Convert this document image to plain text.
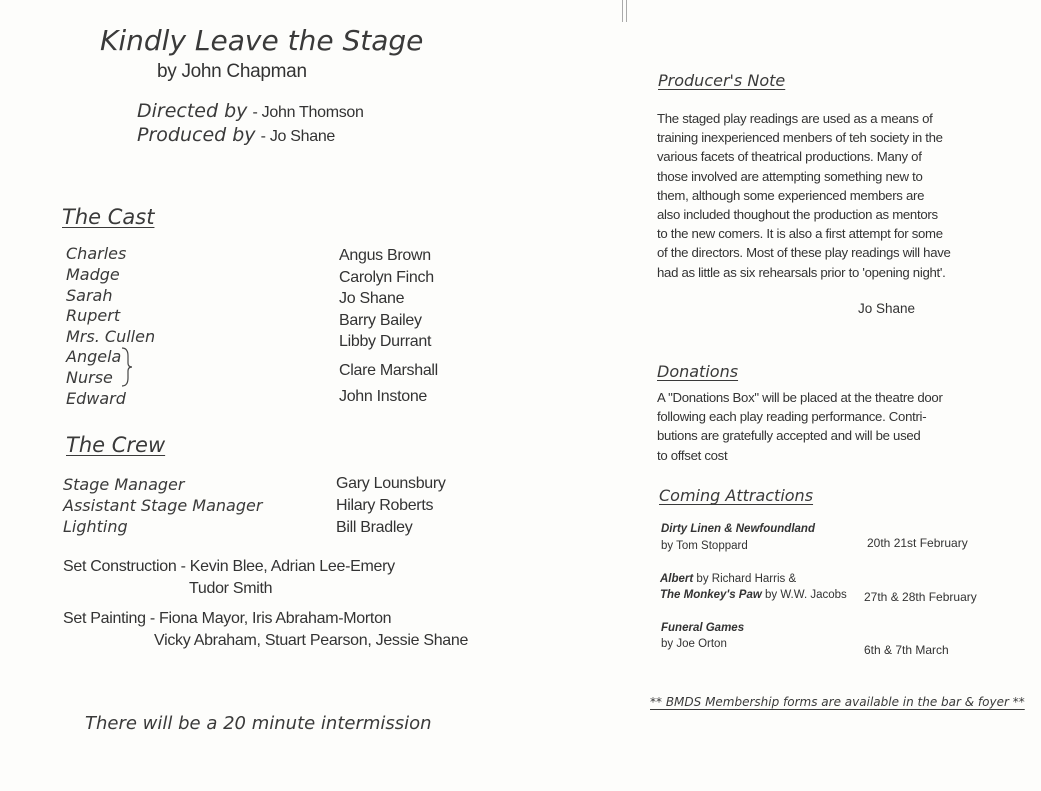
Kindly Leave the Stage
by John Chapman
Directed by - John Thomson
Produced by - Jo Shane
The Cast
Charles
Madge
Sarah
Rupert
Mrs. Cullen
Angela
Nurse
Edward
Angus Brown
Carolyn Finch
Jo Shane
Barry Bailey
Libby Durrant
Clare Marshall
John Instone
The Crew
Stage Manager
Assistant Stage Manager
Lighting
Gary Lounsbury
Hilary Roberts
Bill Bradley
Set Construction - Kevin Blee, Adrian Lee-Emery
Tudor Smith
Set Painting - Fiona Mayor, Iris Abraham-Morton
Vicky Abraham, Stuart Pearson, Jessie Shane
There will be a 20 minute intermission
Producer's Note
The staged play readings are used as a means of
training inexperienced menbers of teh society in the
various facets of theatrical productions. Many of
those involved are attempting something new to
them, although some experienced members are
also included thoughout the production as mentors
to the new comers. It is also a first attempt for some
of the directors. Most of these play readings will have
had as little as six rehearsals prior to 'opening night'.
Jo Shane
Donations
A "Donations Box" will be placed at the theatre door
following each play reading performance. Contri-
butions are gratefully accepted and will be used
to offset cost
Coming Attractions
Dirty Linen & Newfoundland
by Tom Stoppard	20th 21st February
Albert by Richard Harris &
The Monkey's Paw by W.W. Jacobs 27th & 28th February
Funeral Games
by Joe Orton	6th & 7th March
** BMDS Membership forms are available in the bar & foyer **
